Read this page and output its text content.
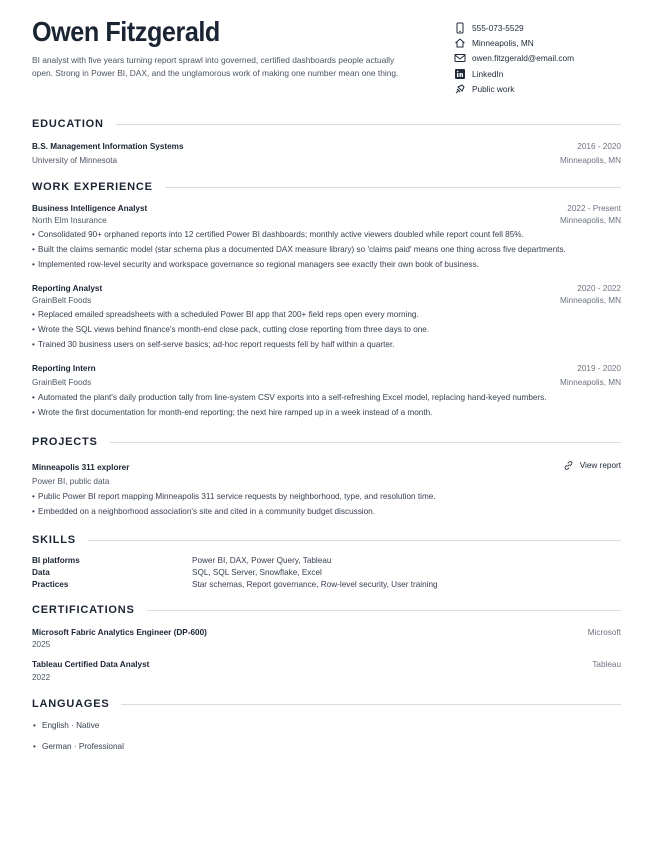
Owen Fitzgerald
BI analyst with five years turning report sprawl into governed, certified dashboards people actually open. Strong in Power BI, DAX, and the unglamorous work of making one number mean one thing.
555-073-5529
Minneapolis, MN
owen.fitzgerald@email.com
LinkedIn
Public work
EDUCATION
B.S. Management Information Systems	2016 - 2020
University of Minnesota	Minneapolis, MN
WORK EXPERIENCE
Business Intelligence Analyst	2022 - Present
North Elm Insurance	Minneapolis, MN
• Consolidated 90+ orphaned reports into 12 certified Power BI dashboards; monthly active viewers doubled while report count fell 85%.
• Built the claims semantic model (star schema plus a documented DAX measure library) so 'claims paid' means one thing across five departments.
• Implemented row-level security and workspace governance so regional managers see exactly their own book of business.
Reporting Analyst	2020 - 2022
GrainBelt Foods	Minneapolis, MN
• Replaced emailed spreadsheets with a scheduled Power BI app that 200+ field reps open every morning.
• Wrote the SQL views behind finance's month-end close pack, cutting close reporting from three days to one.
• Trained 30 business users on self-serve basics; ad-hoc report requests fell by half within a quarter.
Reporting Intern	2019 - 2020
GrainBelt Foods	Minneapolis, MN
• Automated the plant's daily production tally from line-system CSV exports into a self-refreshing Excel model, replacing hand-keyed numbers.
• Wrote the first documentation for month-end reporting; the next hire ramped up in a week instead of a month.
PROJECTS
Minneapolis 311 explorer	View report
Power BI, public data
• Public Power BI report mapping Minneapolis 311 service requests by neighborhood, type, and resolution time.
• Embedded on a neighborhood association's site and cited in a community budget discussion.
SKILLS
BI platforms	Power BI, DAX, Power Query, Tableau
Data	SQL, SQL Server, Snowflake, Excel
Practices	Star schemas, Report governance, Row-level security, User training
CERTIFICATIONS
Microsoft Fabric Analytics Engineer (DP-600)	Microsoft
2025
Tableau Certified Data Analyst	Tableau
2022
LANGUAGES
• English · Native
• German · Professional
